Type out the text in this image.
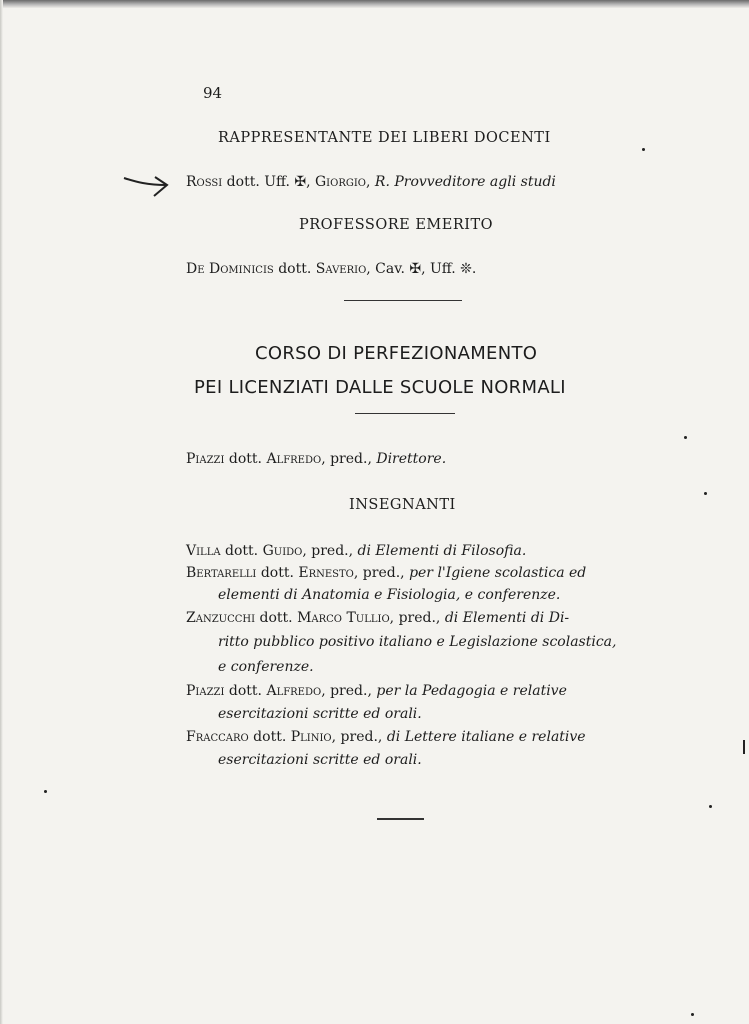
94
RAPPRESENTANTE DEI LIBERI DOCENTI
Rossi dott. Uff. ✠, Giorgio, R. Provveditore agli studi
PROFESSORE EMERITO
De Dominicis dott. Saverio, Cav. ✠, Uff. ❊.
CORSO DI PERFEZIONAMENTO
PEI LICENZIATI DALLE SCUOLE NORMALI
Piazzi dott. Alfredo, pred., Direttore.
INSEGNANTI
Villa dott. Guido, pred., di Elementi di Filosofia.
Bertarelli dott. Ernesto, pred., per l'Igiene scolastica ed
elementi di Anatomia e Fisiologia, e conferenze.
Zanzucchi dott. Marco Tullio, pred., di Elementi di Di-
ritto pubblico positivo italiano e Legislazione scolastica,
e conferenze.
Piazzi dott. Alfredo, pred., per la Pedagogia e relative
esercitazioni scritte ed orali.
Fraccaro dott. Plinio, pred., di Lettere italiane e relative
esercitazioni scritte ed orali.
